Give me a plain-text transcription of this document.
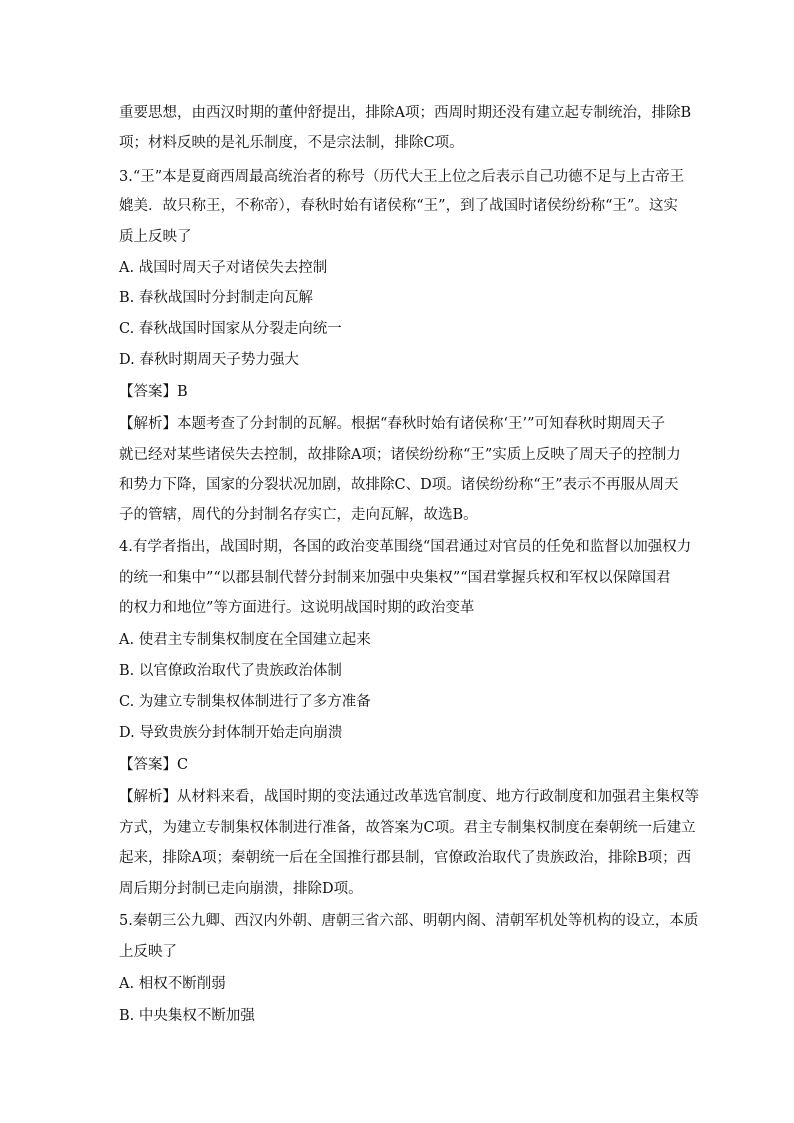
重要思想，由西汉时期的董仲舒提出，排除A项；西周时期还没有建立起专制统治，排除B
项；材料反映的是礼乐制度，不是宗法制，排除C项。
3.“王”本是夏商西周最高统治者的称号（历代大王上位之后表示自己功德不足与上古帝王
媲美．故只称王，不称帝），春秋时始有诸侯称“王”，到了战国时诸侯纷纷称“王”。这实
质上反映了
A. 战国时周天子对诸侯失去控制
B. 春秋战国时分封制走向瓦解
C. 春秋战国时国家从分裂走向统一
D. 春秋时期周天子势力强大
【答案】B
【解析】本题考查了分封制的瓦解。根据“春秋时始有诸侯称‘王’”可知春秋时期周天子
就已经对某些诸侯失去控制，故排除A项；诸侯纷纷称“王”实质上反映了周天子的控制力
和势力下降，国家的分裂状况加剧，故排除C、D项。诸侯纷纷称“王”表示不再服从周天
子的管辖，周代的分封制名存实亡，走向瓦解，故选B。
4.有学者指出，战国时期，各国的政治变革围绕“国君通过对官员的任免和监督以加强权力
的统一和集中”“以郡县制代替分封制来加强中央集权”“国君掌握兵权和军权以保障国君
的权力和地位”等方面进行。这说明战国时期的政治变革
A. 使君主专制集权制度在全国建立起来
B. 以官僚政治取代了贵族政治体制
C. 为建立专制集权体制进行了多方准备
D. 导致贵族分封体制开始走向崩溃
【答案】C
【解析】从材料来看，战国时期的变法通过改革选官制度、地方行政制度和加强君主集权等
方式，为建立专制集权体制进行准备，故答案为C项。君主专制集权制度在秦朝统一后建立
起来，排除A项；秦朝统一后在全国推行郡县制，官僚政治取代了贵族政治，排除B项；西
周后期分封制已走向崩溃，排除D项。
5.秦朝三公九卿、西汉内外朝、唐朝三省六部、明朝内阁、清朝军机处等机构的设立，本质
上反映了
A. 相权不断削弱
B. 中央集权不断加强
